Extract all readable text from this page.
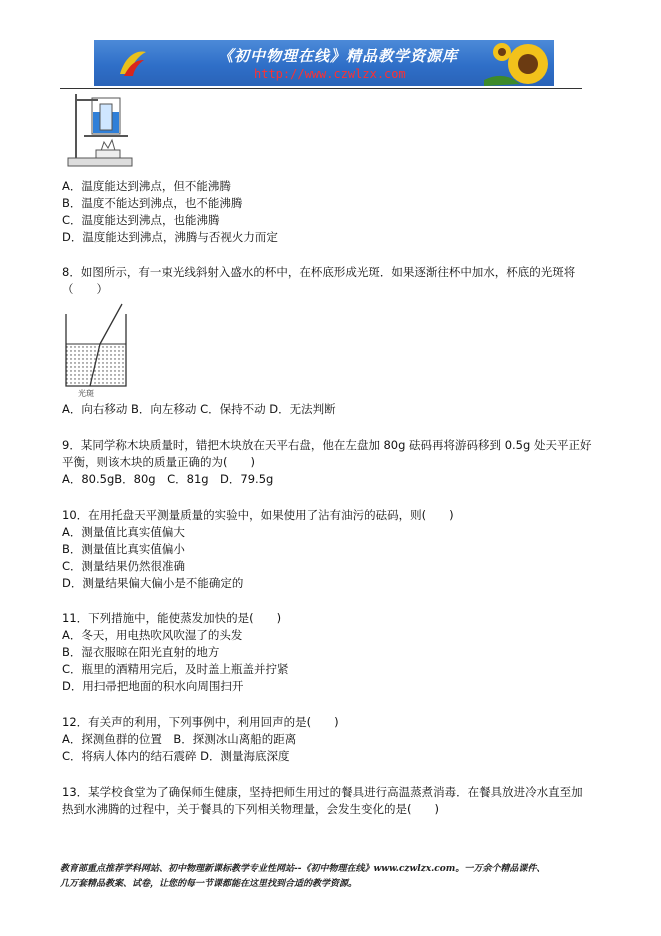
《初中物理在线》精品教学资源库
http://www.czwlzx.com
A．温度能达到沸点，但不能沸腾
B．温度不能达到沸点，也不能沸腾
C．温度能达到沸点，也能沸腾
D．温度能达到沸点，沸腾与否视火力而定
8．如图所示，有一束光线斜射入盛水的杯中，在杯底形成光斑．如果逐渐往杯中加水，杯底的光斑将
（　　）
光斑
A．向右移动 B．向左移动 C．保持不动 D．无法判断
9．某同学称木块质量时，错把木块放在天平右盘，他在左盘加 80g 砝码再将游码移到 0.5g 处天平正好
平衡，则该木块的质量正确的为(　　)
A．80.5gB．80g　C．81g　D．79.5g
10．在用托盘天平测量质量的实验中，如果使用了沾有油污的砝码，则(　　)
A．测量值比真实值偏大
B．测量值比真实值偏小
C．测量结果仍然很准确
D．测量结果偏大偏小是不能确定的
11．下列措施中，能使蒸发加快的是(　　)
A．冬天，用电热吹风吹湿了的头发
B．湿衣服晾在阳光直射的地方
C．瓶里的酒精用完后，及时盖上瓶盖并拧紧
D．用扫帚把地面的积水向周围扫开
12．有关声的利用，下列事例中，利用回声的是(　　)
A．探测鱼群的位置　B．探测冰山离船的距离
C．将病人体内的结石震碎 D．测量海底深度
13．某学校食堂为了确保师生健康，坚持把师生用过的餐具进行高温蒸煮消毒．在餐具放进冷水直至加
热到水沸腾的过程中，关于餐具的下列相关物理量，会发生变化的是(　　)
教育部重点推荐学科网站、初中物理新课标教学专业性网站--《初中物理在线》www.czwlzx.com。一万余个精品课件、
几万套精品教案、试卷，让您的每一节课都能在这里找到合适的教学资源。
